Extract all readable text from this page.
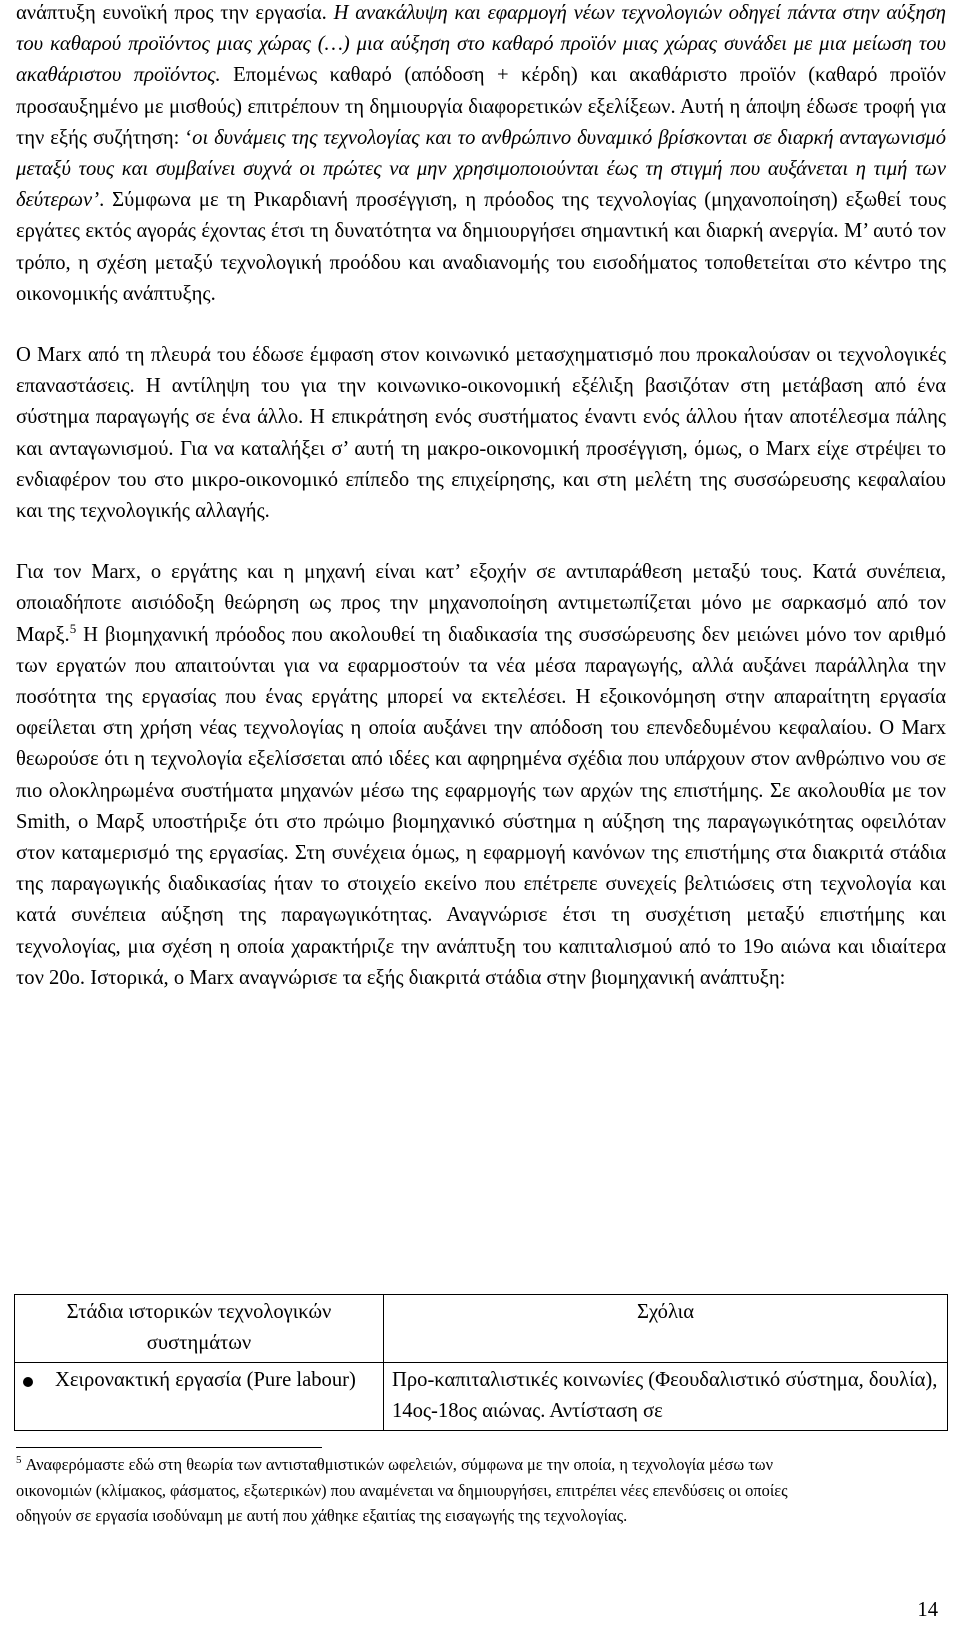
ανάπτυξη ευνοϊκή προς την εργασία. Η ανακάλυψη και εφαρμογή νέων τεχνολογιών οδηγεί πάντα στην αύξηση του καθαρού προϊόντος μιας χώρας (…) μια αύξηση στο καθαρό προϊόν μιας χώρας συνάδει με μια μείωση του ακαθάριστου προϊόντος. Επομένως καθαρό (απόδοση + κέρδη) και ακαθάριστο προϊόν (καθαρό προϊόν προσαυξημένο με μισθούς) επιτρέπουν τη δημιουργία διαφορετικών εξελίξεων. Αυτή η άποψη έδωσε τροφή για την εξής συζήτηση: ‘οι δυνάμεις της τεχνολογίας και το ανθρώπινο δυναμικό βρίσκονται σε διαρκή ανταγωνισμό μεταξύ τους και συμβαίνει συχνά οι πρώτες να μην χρησιμοποιούνται έως τη στιγμή που αυξάνεται η τιμή των δεύτερων’. Σύμφωνα με τη Ρικαρδιανή προσέγγιση, η πρόοδος της τεχνολογίας (μηχανοποίηση) εξωθεί τους εργάτες εκτός αγοράς έχοντας έτσι τη δυνατότητα να δημιουργήσει σημαντική και διαρκή ανεργία. Μ’ αυτό τον τρόπο, η σχέση μεταξύ τεχνολογική προόδου και αναδιανομής του εισοδήματος τοποθετείται στο κέντρο της οικονομικής ανάπτυξης.

Ο Marx από τη πλευρά του έδωσε έμφαση στον κοινωνικό μετασχηματισμό που προκαλούσαν οι τεχνολογικές επαναστάσεις. Η αντίληψη του για την κοινωνικο-οικονομική εξέλιξη βασιζόταν στη μετάβαση από ένα σύστημα παραγωγής σε ένα άλλο. Η επικράτηση ενός συστήματος έναντι ενός άλλου ήταν αποτέλεσμα πάλης και ανταγωνισμού. Για να καταλήξει σ’ αυτή τη μακρο-οικονομική προσέγγιση, όμως, ο Marx είχε στρέψει το ενδιαφέρον του στο μικρο-οικονομικό επίπεδο της επιχείρησης, και στη μελέτη της συσσώρευσης κεφαλαίου και της τεχνολογικής αλλαγής.

Για τον Marx, ο εργάτης και η μηχανή είναι κατ’ εξοχήν σε αντιπαράθεση μεταξύ τους. Κατά συνέπεια, οποιαδήποτε αισιόδοξη θεώρηση ως προς την μηχανοποίηση αντιμετωπίζεται μόνο με σαρκασμό από τον Μαρξ.$^5$ Η βιομηχανική πρόοδος που ακολουθεί τη διαδικασία της συσσώρευσης δεν μειώνει μόνο τον αριθμό των εργατών που απαιτούνται για να εφαρμοστούν τα νέα μέσα παραγωγής, αλλά αυξάνει παράλληλα την ποσότητα της εργασίας που ένας εργάτης μπορεί να εκτελέσει. Η εξοικονόμηση στην απαραίτητη εργασία οφείλεται στη χρήση νέας τεχνολογίας η οποία αυξάνει την απόδοση του επενδεδυμένου κεφαλαίου. Ο Marx θεωρούσε ότι η τεχνολογία εξελίσσεται από ιδέες και αφηρημένα σχέδια που υπάρχουν στον ανθρώπινο νου σε πιο ολοκληρωμένα συστήματα μηχανών μέσω της εφαρμογής των αρχών της επιστήμης. Σε ακολουθία με τον Smith, ο Μαρξ υποστήριξε ότι στο πρώιμο βιομηχανικό σύστημα η αύξηση της παραγωγικότητας οφειλόταν στον καταμερισμό της εργασίας. Στη συνέχεια όμως, η εφαρμογή κανόνων της επιστήμης στα διακριτά στάδια της παραγωγικής διαδικασίας ήταν το στοιχείο εκείνο που επέτρεπε συνεχείς βελτιώσεις στη τεχνολογία και κατά συνέπεια αύξηση της παραγωγικότητας. Αναγνώρισε έτσι τη συσχέτιση μεταξύ επιστήμης και τεχνολογίας, μια σχέση η οποία χαρακτήριζε την ανάπτυξη του καπιταλισμού από το 19ο αιώνα και ιδιαίτερα τον 20ο. Ιστορικά, ο Marx αναγνώρισε τα εξής διακριτά στάδια στην βιομηχανική ανάπτυξη:

Στάδια ιστορικών τεχνολογικών συστημάτων	Σχόλια

Χειρονακτική εργασία (Pure labour)	Προ-καπιταλιστικές κοινωνίες (Φεουδαλιστικό σύστημα, δουλία), 14ος-18ος αιώνας. Αντίσταση σε

$^5$ Αναφερόμαστε εδώ στη θεωρία των αντισταθμιστικών ωφελειών, σύμφωνα με την οποία, η τεχνολογία μέσω των οικονομιών (κλίμακος, φάσματος, εξωτερικών) που αναμένεται να δημιουργήσει, επιτρέπει νέες επενδύσεις οι οποίες οδηγούν σε εργασία ισοδύναμη με αυτή που χάθηκε εξαιτίας της εισαγωγής της τεχνολογίας.

14
